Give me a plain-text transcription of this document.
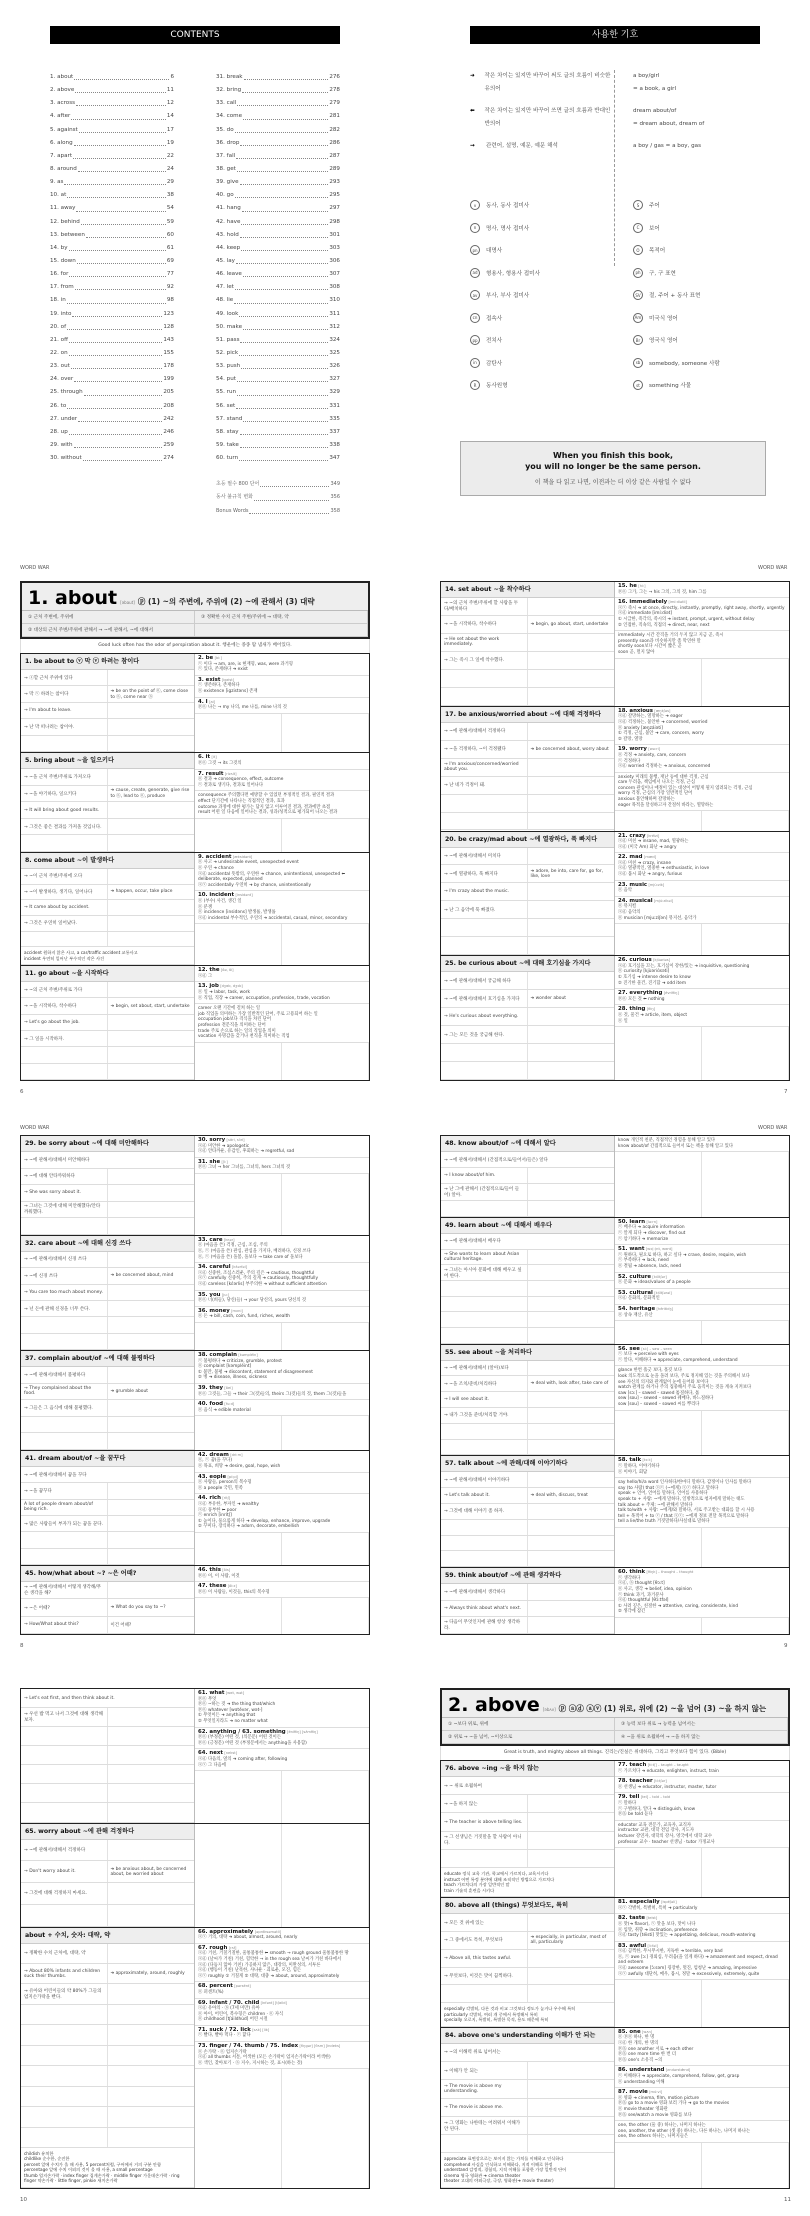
CONTENTS
1. about	6
2. above	11
3. across	12
4. after	14
5. against	17
6. along	19
7. apart	22
8. around	24
9. as	29
10. at	38
11. away	54
12. behind	59
13. between	60
14. by	61
15. down	69
16. for	77
17. from	92
18. in	98
19. into	123
20. of	128
21. off	143
22. on	155
23. out	178
24. over	199
25. through	205
26. to	208
27. under	242
28. up	246
29. with	259
30. without	274
31. break	276
32. bring	278
33. call	279
34. come	281
35. do	282
36. drop	286
37. fall	287
38. get	289
39. give	293
40. go	295
41. hang	297
42. have	298
43. hold	301
44. keep	303
45. lay	306
46. leave	307
47. let	308
48. lie	310
49. look	311
50. make	312
51. pass	324
52. pick	325
53. push	326
54. put	327
55. run	329
56. set	331
57. stand	335
58. stay	337
59. take	338
60. turn	347
초등 필수 800 단어	349
동사 불규칙 변화	356
Bonus Words	358
사용한 기호
➜	작은 차이는 있지만 바꾸어 써도 글의 흐름이 비슷한 유의어
⬅	작은 차이는 있지만 바꾸어 쓰면 글의 흐름과 반대인 반의어
→	관련어, 설명, 예문, 예문 해석
v	동사, 동사 접미사
n	명사, 명사 접미사
pn	대명사
ad	형용사, 형용사 접미사
av	부사, 부사 접미사
cn	접속사
pp	전치사
in	감탄사
R	동사원형
a boy/girl
= a book, a girl
dream about/of
= dream about, dream of
a boy / gas = a boy, gas
S	주어
C	보어
O	목적어
ph	구, 구 표현
SV	절, 주어 + 동사 표현
Am	미국식 영어
Br	영국식 영어
sb	somebody, someone 사람
st	something 사물
When you finish this book,
you will no longer be the same person.
이 책을 다 읽고 나면, 이전과는 더 이상 같은 사람일 수 없다
WORD WAR
6
1. about [əbaut] ⓟ (1) ~의 주변에, 주위에 (2) ~에 관해서 (3) 대략
① 근처 주변에, 주위에	③ 정확한 수치 근처 주변/주위에 → 대략, 약
② 대상의 근처 주변/주위에 관해서 → ~에 관해서, ~에 대해서
Good luck often has the odor of perspiration about it. 행운에는 종종 땀 냄새가 배어있다.
1. be about to ⓥ 막 ⓥ 하려는 참이다
→ ⓢ할 근처 주위에 있다
→ 막 ⓥ 하려는 참이다
➜ be on the point of ⓝ, come close to ⓝ, come near ⓝ
→ I'm about to leave.
→ 난 막 떠나려는 참이야.
2. be [biː]
ⓥ 이다 → am, are, is 현재형, was, were 과거형
ⓥ 있다, 존재하다 ➜ exist
3. exist [igzist]
ⓥ 생존하다, 존재하다
ⓝ existence [igzistəns] 존재
4. I [ai]
ⓟⓝ 나는 → my 나의, me 나를, mine 나의 것
5. bring about ~을 일으키다
→ ~을 근처 주변/주위로 가져오다
→ ~을 야기하다, 일으키다
➜ cause, create, generate, give rise to ⓝ, lead to ⓝ, produce
→ It will bring about good results.
→ 그것은 좋은 결과를 가져올 것입니다.
6. it [it]
ⓟⓝ 그것 → its 그것의
7. result [rizʌlt]
ⓝ 결과 ➜ consequence, effect, outcome
ⓥ 결과로 생기다, 결과로 일어나다
consequence 주의했다면 예방할 수 있었던 부정적인 결과, 필연적 결과
effect 단기간에 나타나는 직접적인 결과, 효과
outcome 과정에 대한 평가는 담지 않고 이루어진 결과, 결과에만 초점
result 어떤 일 다음에 일어나는 결과, 성과/성적으로 평가되어 나오는 결과
8. come about ~이 발생하다
→ ~이 근처 주변/주위에 오다
→ ~이 발생하다, 생기다, 일어나다	➜ happen, occur, take place
→ It came about by accident.
→ 그것은 우연히 일어났다.
accident 원하지 않은 사고, a car/traffic accident 교통사고
incident 우연히 일어난 부수적인 작은 사건
9. accident [æksidənt]
ⓝ 사고 ➜ undesirable event, unexpected event
ⓝ 우연 ➜ chance
ⓐⓓ accidental 뜻밖의, 우연한 ➜ chance, unintentional, unexpected ⬅ deliberate, expected, planned
ⓐⓥ accidentally 우연히 ➜ by chance, unintentionally
10. incident [insidənt]
ⓝ (부수) 사건, 생긴 일
ⓝ 분쟁
ⓝ incidence [insidəns] 발생률, 발생률
ⓐⓓ incidental 부수적인, 우연의 ➜ accidental, casual, minor, secondary
11. go about ~을 시작하다
→ ~의 근처 주변/주위로 가다
→ ~을 시작하다, 착수하다	➜ begin, set about, start, undertake
→ Let's go about the job.
→ 그 일을 시작하자.
12. the [ðə, ði]
ⓐⓓ 그
13. job [dʒɑb, dʒɔb]
ⓝ 일 ➜ labor, task, work
ⓝ 직업, 직장 ➜ career, occupation, profession, trade, vocation
career 오랜 기간에 걸쳐 하는 일
job 직업을 의미하는 가장 일반적인 단어, 주로 고용되어 하는 일
occupation job보다 격식을 차린 단어
profession 전문직을 의미하는 단어
trade 주로 손으로 하는 일의 직업을 의미
vocation 사명감을 갖거나 천직을 의미하는 직업
WORD WAR
7
14. set about ~을 착수하다
→ ~의 근처 주변/주위에 할 사람을 두다/배치하다
→ ~을 시작하다, 착수하다	➜ begin, go about, start, undertake
→ He set about the work immediately.
→ 그는 즉시 그 일에 착수했다.
15. he [hiː]
ⓟⓝ 그가, 그는 → his 그의, 그의 것, him 그를
16. immediately [imíːdiətli]
ⓐⓥ 즉시 ➜ at once, directly, instantly, promptly, right away, shortly, urgently
ⓐⓓ immediate [imíːdiət]
① 시급한, 즉각의, 즉시의 ➜ instant, prompt, urgent, without delay
② 인접한, 직속의, 직접의 ➜ direct, near, next
immediately 시간 간격을 거의 두지 않고 지금 곧, 즉시
presently soon과 비슷하지만 좀 막연한 말
shortly soon보다 시간이 짧은 곧
soon 곧, 멀지 않아
17. be anxious/worried about ~에 대해 걱정하다
→ ~에 관해서/대해서 걱정하다
→ ~을 걱정하다, ~이 걱정됐다	➜ be concerned about, worry about
→ I'm anxious/concerned/worried about you.
→ 난 네가 걱정이 돼.
18. anxious [æŋkʃəs]
ⓐⓓ 갈망하는, 열망하는 ➜ eager
ⓐⓓ 걱정하는, 불안한 ➜ concerned, worried
ⓝ anxiety [æŋzáiəti]
① 걱정, 근심, 불안 ➜ care, concern, worry
② 갈망, 열망
19. worry [wəːri]
ⓝ 걱정 ➜ anxiety, care, concern
ⓥ 걱정하다
ⓐⓓ worried 걱정하는 ➜ anxious, concerned
anxiety 미래의 불행, 재난 등에 대한 걱정, 근심
care 두려움, 책임에서 나오는 걱정, 근심
concern 관심이나 애정이 있는 대상이 어떻게 될지 염려되는 걱정, 근심
worry 걱정, 근심의 가장 일반적인 단어
anxious 불안해하며 갈망하는
eager 목적을 달성하고자 간절히 바라는, 열망하는
20. be crazy/mad about ~에 열광하다, 푹 빠지다
→ ~에 관해서/대해서 미치다
→ ~에 열광하다, 푹 빠지다
➜ adore, be into, care for, go for, like, love
→ I'm crazy about the music.
→ 난 그 음악에 푹 빠졌다.
21. crazy [kréizi]
ⓐⓓ 미친 ➜ insane, mad, 열광하는
ⓐⓓ (미국 Am) 화난 ➜ angry
22. mad [mæd]
ⓐⓓ 미친 ➜ crazy, insane
ⓐⓓ 열광적인, 열중한 ➜ enthusiastic, in love
ⓐⓓ 몹시 화난 ➜ angry, furious
23. music [mjúːzik]
ⓝ 음악
24. musical [mjúːzikəl]
ⓝ 뮤지컬
ⓐⓓ 음악의
ⓝ musician [mjuːzíʃən] 뮤지션, 음악가
25. be curious about ~에 대해 호기심을 가지다
→ ~에 관해서/대해서 궁금해 하다
→ ~에 관해서/대해서 호기심을 가지다	➜ wonder about
→ He's curious about everything.
→ 그는 모든 것을 궁금해 한다.
26. curious [kjúəriəs]
ⓐⓓ 호기심을 끄는, 호기심이 강한/있는 ➜ inquisitive, questioning
ⓝ curiosity [kjùəriɑ́səti]
① 호기심 ➜ intense desire to know
② 진기한 물건, 진기함 ➜ odd item
27. everything [évriθiŋ]
ⓟⓝ 모든 것 ⬅ nothing
28. thing [θiŋ]
ⓝ 것, 물건 ➜ article, item, object
ⓝ 일
WORD WAR
8
29. be sorry about ~에 대해 미안해하다
→ ~에 관해서/대해서 미안해하다
→ ~에 대해 안타까워하다
→ She was sorry about it.
→ 그녀는 그것에 대해 미안해했다/안타까워했다.
30. sorry [sɑ́ri, sɔ́ri]
ⓐⓓ 미안한 ➜ apologetic
ⓐⓓ 안타까운, 유감인, 후회하는 ➜ regretful, sad
31. she [ʃiː]
ⓟⓝ 그녀 → her 그녀를, 그녀의, hers 그녀의 것
32. care about ~에 대해 신경 쓰다
→ ~에 관해서/대해서 신경 쓰다
→ ~에 신경 쓰다	➜ be concerned about, mind
→ You care too much about money.
→ 넌 돈에 관해 신경을 너무 쓴다.
33. care [kɛər]
ⓝ (마음을 쓴) 걱정, 근심, 조심, 주의
ⓝ, ⓥ (마음을 쓴) 관심, 관심을 가지다, 배려하다, 신경 쓰다
ⓝ, ⓥ (마음을 쓴) 돌봄, 돌보다 → take care of 돌보다
34. careful [kɛ́ərfəl]
ⓐⓓ 신중한, 조심스러운, 주의 깊은 ➜ cautious, thoughtful
ⓐⓥ carefully 신중히, 주의 깊게 ➜ cautiously, thoughtfully
ⓐⓓ careless [kɛ́ərlis] 부주의한 ➜ without sufficient attention
35. you [juː]
ⓟⓝ 너(희들), 당신(들) → your 당신의, yours 당신의 것
36. money [mʌni]
ⓝ 돈 ➜ bill, cash, coin, fund, riches, wealth
37. complain about/of ~에 대해 불평하다
→ ~에 관해서/대해서 불평하다
→ They complained about the food.	➜ grumble about
→ 그들은 그 음식에 대해 불평했다.
38. complain [kəmpléin]
ⓥ 불평하다 ➜ criticize, grumble, protest
ⓝ complaint [kəmpléint]
① 불만, 불평 ➜ discontent, statement of disagreement
② 병 ➜ disease, illness, sickness
39. they [ðei]
ⓟⓝ 그것들, 그들 → their 그(것)들의, theirs 그(것)들의 것, them 그(것)들을
40. food [fuːd]
ⓝ 음식 ➜ edible material
41. dream about/of ~을 꿈꾸다
→ ~에 관해서/대해서 꿈을 꾸다
→ ~을 꿈꾸다
A lot of people dream about/of being rich.
→ 많은 사람들이 부자가 되는 꿈을 꾼다.
42. dream [driːm]
ⓝ, ⓥ 꿈(을 꾸다)
ⓝ 목표, 희망 ➜ desire, goal, hope, wish
43. eople [píːpl]
ⓝ 사람들, person의 복수형
ⓝ a people 국민, 민족
44. rich [ritʃ]
ⓐⓓ 부유한, 부자인 ➜ wealthy
ⓐⓓ 풍부한 ⬅ poor
ⓥ enrich [inrítʃ]
① 높이다, 풍요롭게 하다 ➜ develop, enhance, improve, upgrade
② 꾸미다, 장식하다 ➜ adorn, decorate, embellish
45. how/what about ~? ~은 어때?
→ ~에 관해서/대해서 어떻게 생각해/무슨 생각을 해?
→ ~은 어때?	➜ What do you say to ~?
→ How/What about this?	이건 어때?
46. this [ðis]
ⓟⓝ 이, 이 사람, 이것
47. these [ðiːz]
ⓟⓝ 이 사람들, 이것들, this의 복수형
WORD WAR
9
48. know about/of ~에 대해서 알다
→ ~에 관해서/대해서 (간접적으로/들어서/들은) 알다
→ I know about/of him.
→ 난 그에 관해서 (간접적으로/들어 들어) 알아.
know 개인적 친분, 직접적인 경험을 통해 알고 있다
know about/of 간접적으로 들어서 또는 책을 통해 알고 있다
49. learn about ~에 대해서 배우다
→ ~에 관해서/대해서 배우다
→ She wants to learn about Asian cultural heritage.
→ 그녀는 아시아 문화에 대해 배우고 싶어 한다.
50. learn [ləːrn]
ⓥ 배우다 ➜ acquire information
ⓥ 알게 되다 ➜ discover, find out
ⓥ 암기하다 ➜ memorize
51. want [wɔ(ː)nt, wɑnt]
ⓥ 원하다, 필요로 하다, 하고 싶다 ➜ crave, desire, require, wish
ⓥ 부족하다 ➜ lack, need
ⓝ 결핍 ➜ absence, lack, need
52. culture [kʌ́ltʃər]
ⓝ 문화 ➜ ideas/values of a people
53. cultural [kʌ́ltʃərəl]
ⓐⓓ 문화의, 문화적인
54. heritage [héritidʒ]
ⓝ 상속 재산, 유산
55. see about ~을 처리하다
→ ~에 관해서/대해서 (알아)보다
→ ~을 조치/준비/처리하다	➜ deal with, look after, take care of
→ I will see about it.
→ 내가 그것을 준비/처리할 거야.
56. see [siː] – saw – seen
ⓥ 보다 ➜ perceive with eyes
ⓥ 알다, 이해하다 ➜ appreciate, comprehend, understand
glance 한번 흘긋 보다, 흘깃 보다
look 의도적으로 눈을 돌려 보다, 주로 정지해 있는 것을 주의해서 보다
see 자신의 의지와 관계없이 눈에 들어와 보이다
watch 관계를 하거나 주의 집중해서 주로 움직이는 것을 계속 지켜보다
saw [sɔː] – sawed – sawed 톱질하다, 톱
sew [sou] – sewed – sewed 꿰매다, 바느질하다
sow [sou] – sowed – sowed 씨를 뿌리다
57. talk about ~에 관해/대해 이야기하다
→ ~에 관해서/대해서 이야기하다
→ Let's talk about it.	➜ deal with, discuss, treat
→ 그것에 대해 이야기 좀 하자.
58. talk [tɔːk]
ⓥ 말하다, 이야기하다
ⓝ 이야기, 회담
say hello/hi/a word 인사하다/한마디 말하다, 감정이나 인사를 말하다
say (to 사람) that ⓢⓥ (~에게) ⓢⓥ 하다고 말하다
speak + 언어, 언어를 말하다, 언어를 사용하다
speak to + 사람: ~에게 말하다, 일방적으로 청자에게 말하는 태도
talk about + 주제: ~에 관해서 말하다
talk to/with + 사람: ~에게/와 말하다, 서로 주고받는 대화를 할 시 사용
tell + 목적어 + to ⓥ / that ⓢⓥ: ~에게 정보 전달 목적으로 말하다
tell a lie/the truth 거짓말하다/사실대로 말하다
59. think about/of ~에 관해 생각하다
→ ~에 관해서/대해서 생각하다
→ Always think about what's next.
→ 다음이 무엇인지에 관해 항상 생각하라.
60. think [θiŋk] – thought – thought
ⓥ 생각하다
ⓐⓓ, ⓝ thought [θɔːt]
ⓝ 사고, 생각 ➜ belief, idea, opinion
ⓥ think 과거, 과거분사
ⓐⓓ thoughtful [θɔ́ːtfəl]
① 사려 깊은, 친절한 ➜ attentive, caring, considerate, kind
② 생각에 잠긴
10
→ Let's eat first, and then think about it.
→ 우선 밥 먹고 나서 그것에 대해 생각해 보자.
61. what [wɑt, wət]
ⓟⓝ 무엇
ⓟⓝ ~하는 것 ➜ the thing that/which
ⓟⓝ whatever [wɑtévər, wət-]
① 무엇이든 ➜ anything that
② 무엇일지라도 ➜ no matter what
62. anything / 63. something [éniθiŋ] [sʌ́mθiŋ]
ⓟⓝ (부정문) 어떤 것, (의문문) 어떤 것이든
ⓟⓝ (긍정문) 어떤 것 (부정문에서는 anything을 사용함)
64. next [nekst]
ⓐⓓ 다음의, 옆의 ➜ coming after, following
ⓐⓥ 그 다음에
65. worry about ~에 관해 걱정하다
→ ~에 관해서/대해서 걱정하다
→ Don't worry about it.	➜ be anxious about, be concerned about, be worried about
→ 그것에 대해 걱정하지 마세요.
about + 수치, 숫자: 대략, 약
→ 정확한 수치 근처에, 대략, 약
→ About 80% infants and children suck their thumbs.	➜ approximately, around, roughly
→ 유아와 어린이들의 약 80%가 그들의 엄지손가락을 빤다.
childish 유치한
childlike 순수한, 순진한
percent 앞에 수치가 올 때 사용, 5 percent처럼, 구어에서 거의 구분 안함
percentage 앞에 수치 이외의 것이 올 때 사용, a small percentage
thumb 엄지손가락 · index finger 집게손가락 · middle finger 가운데손가락 · ring finger 약손가락 · little finger, pinkie 새끼손가락
66. approximately [əprɑ́ksəmətli]
ⓐⓥ 거의, 대략 ➜ about, almost, around, nearly
67. rough [rʌf]
ⓐⓓ 거친, 거칠거칠한, 울퉁불퉁한 ⬅ smooth → rough ground 울퉁불퉁한 땅
ⓐⓓ (날씨가 거친) 거친, 험악한 → in the rough sea 날씨가 거친 바다에서
ⓐⓓ (다듬지 않아 거친) 가공하지 않은, 대강의, 미완성의, 서투른
ⓐⓓ (행동이 거친) 난폭한, 사나운 · 괴로운, 모진, 힘든
ⓐⓥ roughly ① 거칠게 ② 대략, 대충 ➜ about, around, approximately
68. percent [pərsént]
ⓝ 퍼센트(%)
69. infant / 70. child [ínfənt] [tʃaild]
ⓐⓓ 유아의 · ⓝ (7세 미만) 유아
ⓝ 아이, 어린이, 복수형은 children · ⓝ 자식
ⓝ childhood [tʃáildhùd] 어린 시절
71. suck / 72. lick [sʌk] [lik]
ⓥ 빨다, 빨아 먹다 · ⓥ 핥다
73. finger / 74. thumb / 75. index [fíŋgər] [θʌm] [índeks]
ⓝ 손가락 · ⓝ 엄지손가락
ⓐⓓ all thumbs 서툰, 어색한 (모든 손가락이 엄지손가락이라 어색한)
ⓝ 색인, 찾아보기 · ⓝ 지수, 지시하는 것, 표시(하는 것)
11
2. above [əbʌv] ⓟ ⓐⓓ ⓐⓥ (1) 위로, 위에 (2) ~을 넘어 (3) ~을 하지 않는
① ~보다 위로, 위에	③ 능력 보다 위로 → 능력을 넘어서는
② 위로 → ~을 넘어, ~이상으로	④ ~을 위로 초월하여 → ~을 하지 않는
Great is truth, and mighty above all things. 진리는/진실은 위대하다, 그리고 무엇보다 힘이 있다. (Bible)
76. above ~ing ~을 하지 않는
→ ~ 위로 초월하여
→ ~을 하지 않는
→ The teacher is above telling lies.
→ 그 선생님은 거짓말을 할 사람이 아니다.
educate 정식 교육 기관, 학교에서 가르치다, 교육시키다
instruct 어떤 특정 분야에 대해 조직적인 방법으로 가르치다
teach 가르치다의 가장 일반적인 말
train 기술적 훈련을 시키다
77. teach [tiːtʃ] – taught – taught
ⓥ 가르치다 ➜ educate, enlighten, instruct, train
78. teacher [tíːtʃər]
ⓝ 선생님 ➜ educator, instructor, master, tutor
79. tell [tel] – told – told
ⓥ 말하다
ⓥ 구별하다, 알다 ➜ distinguish, know
ⓟⓗ be told 듣다
educator 교육 전문가, 교육자, 교직자
instructor 교관, 대학 전임 강사, 지도자
lecturer 강연자, 대학의 강사, 영국에서 대학 교수
professor 교수 · teacher 선생님 · tutor 가정교사
80. above all (things) 무엇보다도, 특히
→ 모든 것 위에 있는
→ 그 중에서도 특히, 무엇보다
➜ especially, in particular, most of all, particularly
→ Above all, this tastes awful.
→ 무엇보다, 이것은 맛이 끔찍하다.
especially 각별히, 다른 것과 비교 그것보다 정도가 높거나 우수해 특히
particularly 각별히, 여러 개 중에서 특정해서 특히
specially 오로지, 특별히, 특별한 목적, 용도 때문에 특히
81. especially [ispéʃəli]
ⓐⓥ 각별히, 특별히, 특히 ➜ particularly
82. taste [teist]
ⓝ 맛(➜ flavor), ⓥ 맛을 보다, 맛이 나다
ⓝ 입맛, 취향 ➜ inclination, preference
ⓐⓓ tasty [téisti] 맛있는 ➜ appetizing, delicious, mouth-watering
83. awful [ɔ́ːfəl]
ⓐⓓ 끔찍한, 무시무시한, 지독한 ➜ terrible, very bad
ⓝ, ⓥ awe [ɔː] 경외심, 두려움(을 일게 하다) ➜ amazement and respect, dread and esteem
ⓐⓓ awesome [ɔ́ːsəm] 굉장한, 멋진, 엄청난 ➜ amazing, impressive
ⓐⓥ awfully 대단히, 매우, 몹시, 정말 ➜ excessively, extremely, quite
84. above one's understanding 이해가 안 되는
→ ~의 이해력 위로 넘어서는
→ 이해가 안 되는
→ The movie is above my understanding.
→ The movie is above me.
→ 그 영화는 나한테는 어려워서 이해가 안 된다.
appreciate 표면상으로는 보이지 않는 가치를 이해하고 인식하다
comprehend 사실을 인식하고 이해하다, 지적 이해로 한정
understand 감정적, 경험적, 지적 이해를 포함한 가장 일반적 단어
cinema 영국 영화관 ➜ cinema theater
theater 고대의 야외극장, 극장, 영화관(➜ movie theater)
85. one [wʌn]
ⓝ ⓟⓝ 하나, 한 명
ⓐⓓ 한 개의, 한 명의
ⓟⓗ one another 서로 ➜ each other
ⓟⓗ one more time 한 번 더
ⓟⓗ one's 소유격 ~의
86. understand [ʌndərstǽnd]
ⓥ 이해하다 ➜ appreciate, comprehend, follow, get, grasp
ⓝ understanding 이해
87. movie [múːvi]
ⓝ 영화 ➜ cinema, film, motion picture
ⓟⓗ go to a movie 영화 보러 가다 ➜ go to the movies
ⓝ movie theater 영화관
ⓟⓗ see/watch a movie 영화를 보다
one, the other (둘 중) 하나는, 나머지 하나는
one, another, the other (셋 중) 하나는, 다른 하나는, 나머지 하나는
one, the others 하나는, 나머지들은
